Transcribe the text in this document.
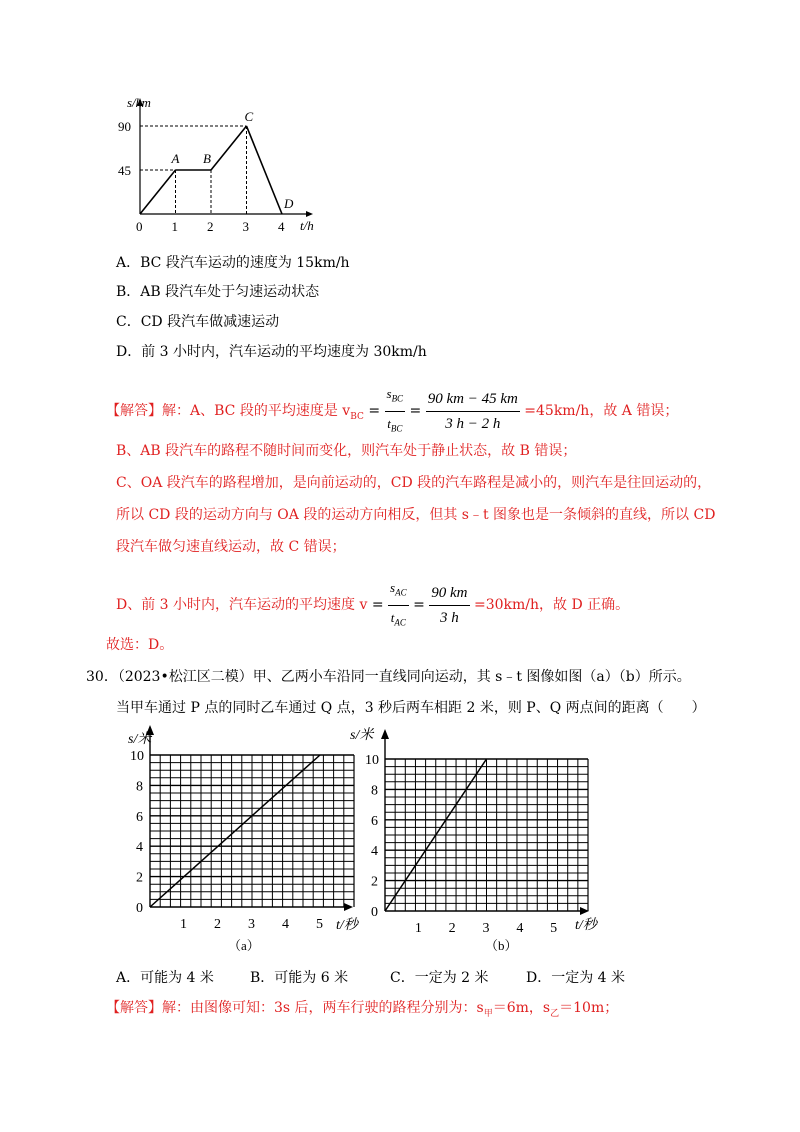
45
90
A B
C
D
0 1 2 3 4
s/km
t/h
A．BC 段汽车运动的速度为 15km/h
B．AB 段汽车处于匀速运动状态
C．CD 段汽车做减速运动
D．前 3 小时内，汽车运动的平均速度为 30km/h
【解答】解：A、BC 段的平均速度是 $v_{BC} = \frac{s_{BC}}{t_{BC}} = \frac{90 km - 45 km}{3 h - 2 h} =45km/h$，故 A 错误；
B、AB 段汽车的路程不随时间而变化，则汽车处于静止状态，故 B 错误；
C、OA 段汽车的路程增加，是向前运动的，CD 段的汽车路程是减小的，则汽车是往回运动的，
所以 CD 段的运动方向与 OA 段的运动方向相反，但其 s﹣t 图象也是一条倾斜的直线，所以 CD
段汽车做匀速直线运动，故 C 错误；
D、前 3 小时内，汽车运动的平均速度 $v = \frac{s_{AC}}{t_{AC}} = \frac{90 km}{3 h} =30km/h$，故 D 正确。
故选：D。
30．（2023•松江区二模）甲、乙两小车沿同一直线同向运动，其 s﹣t 图像如图（a）（b）所示。
当甲车通过 P 点的同时乙车通过 Q 点，3 秒后两车相距 2 米，则 P、Q 两点间的距离（　　）
0
2
4
6
8
10
1 2 3 4 5
s/米
t/秒
（a）
0
2
4
6
8
10
1 2 3 4 5
s/米
t/秒
（b）
A．可能为 4 米	B．可能为 6 米	C．一定为 2 米	D．一定为 4 米
【解答】解：由图像可知：3s 后，两车行驶的路程分别为：$s_甲=6m$，$s_乙=10m$；
